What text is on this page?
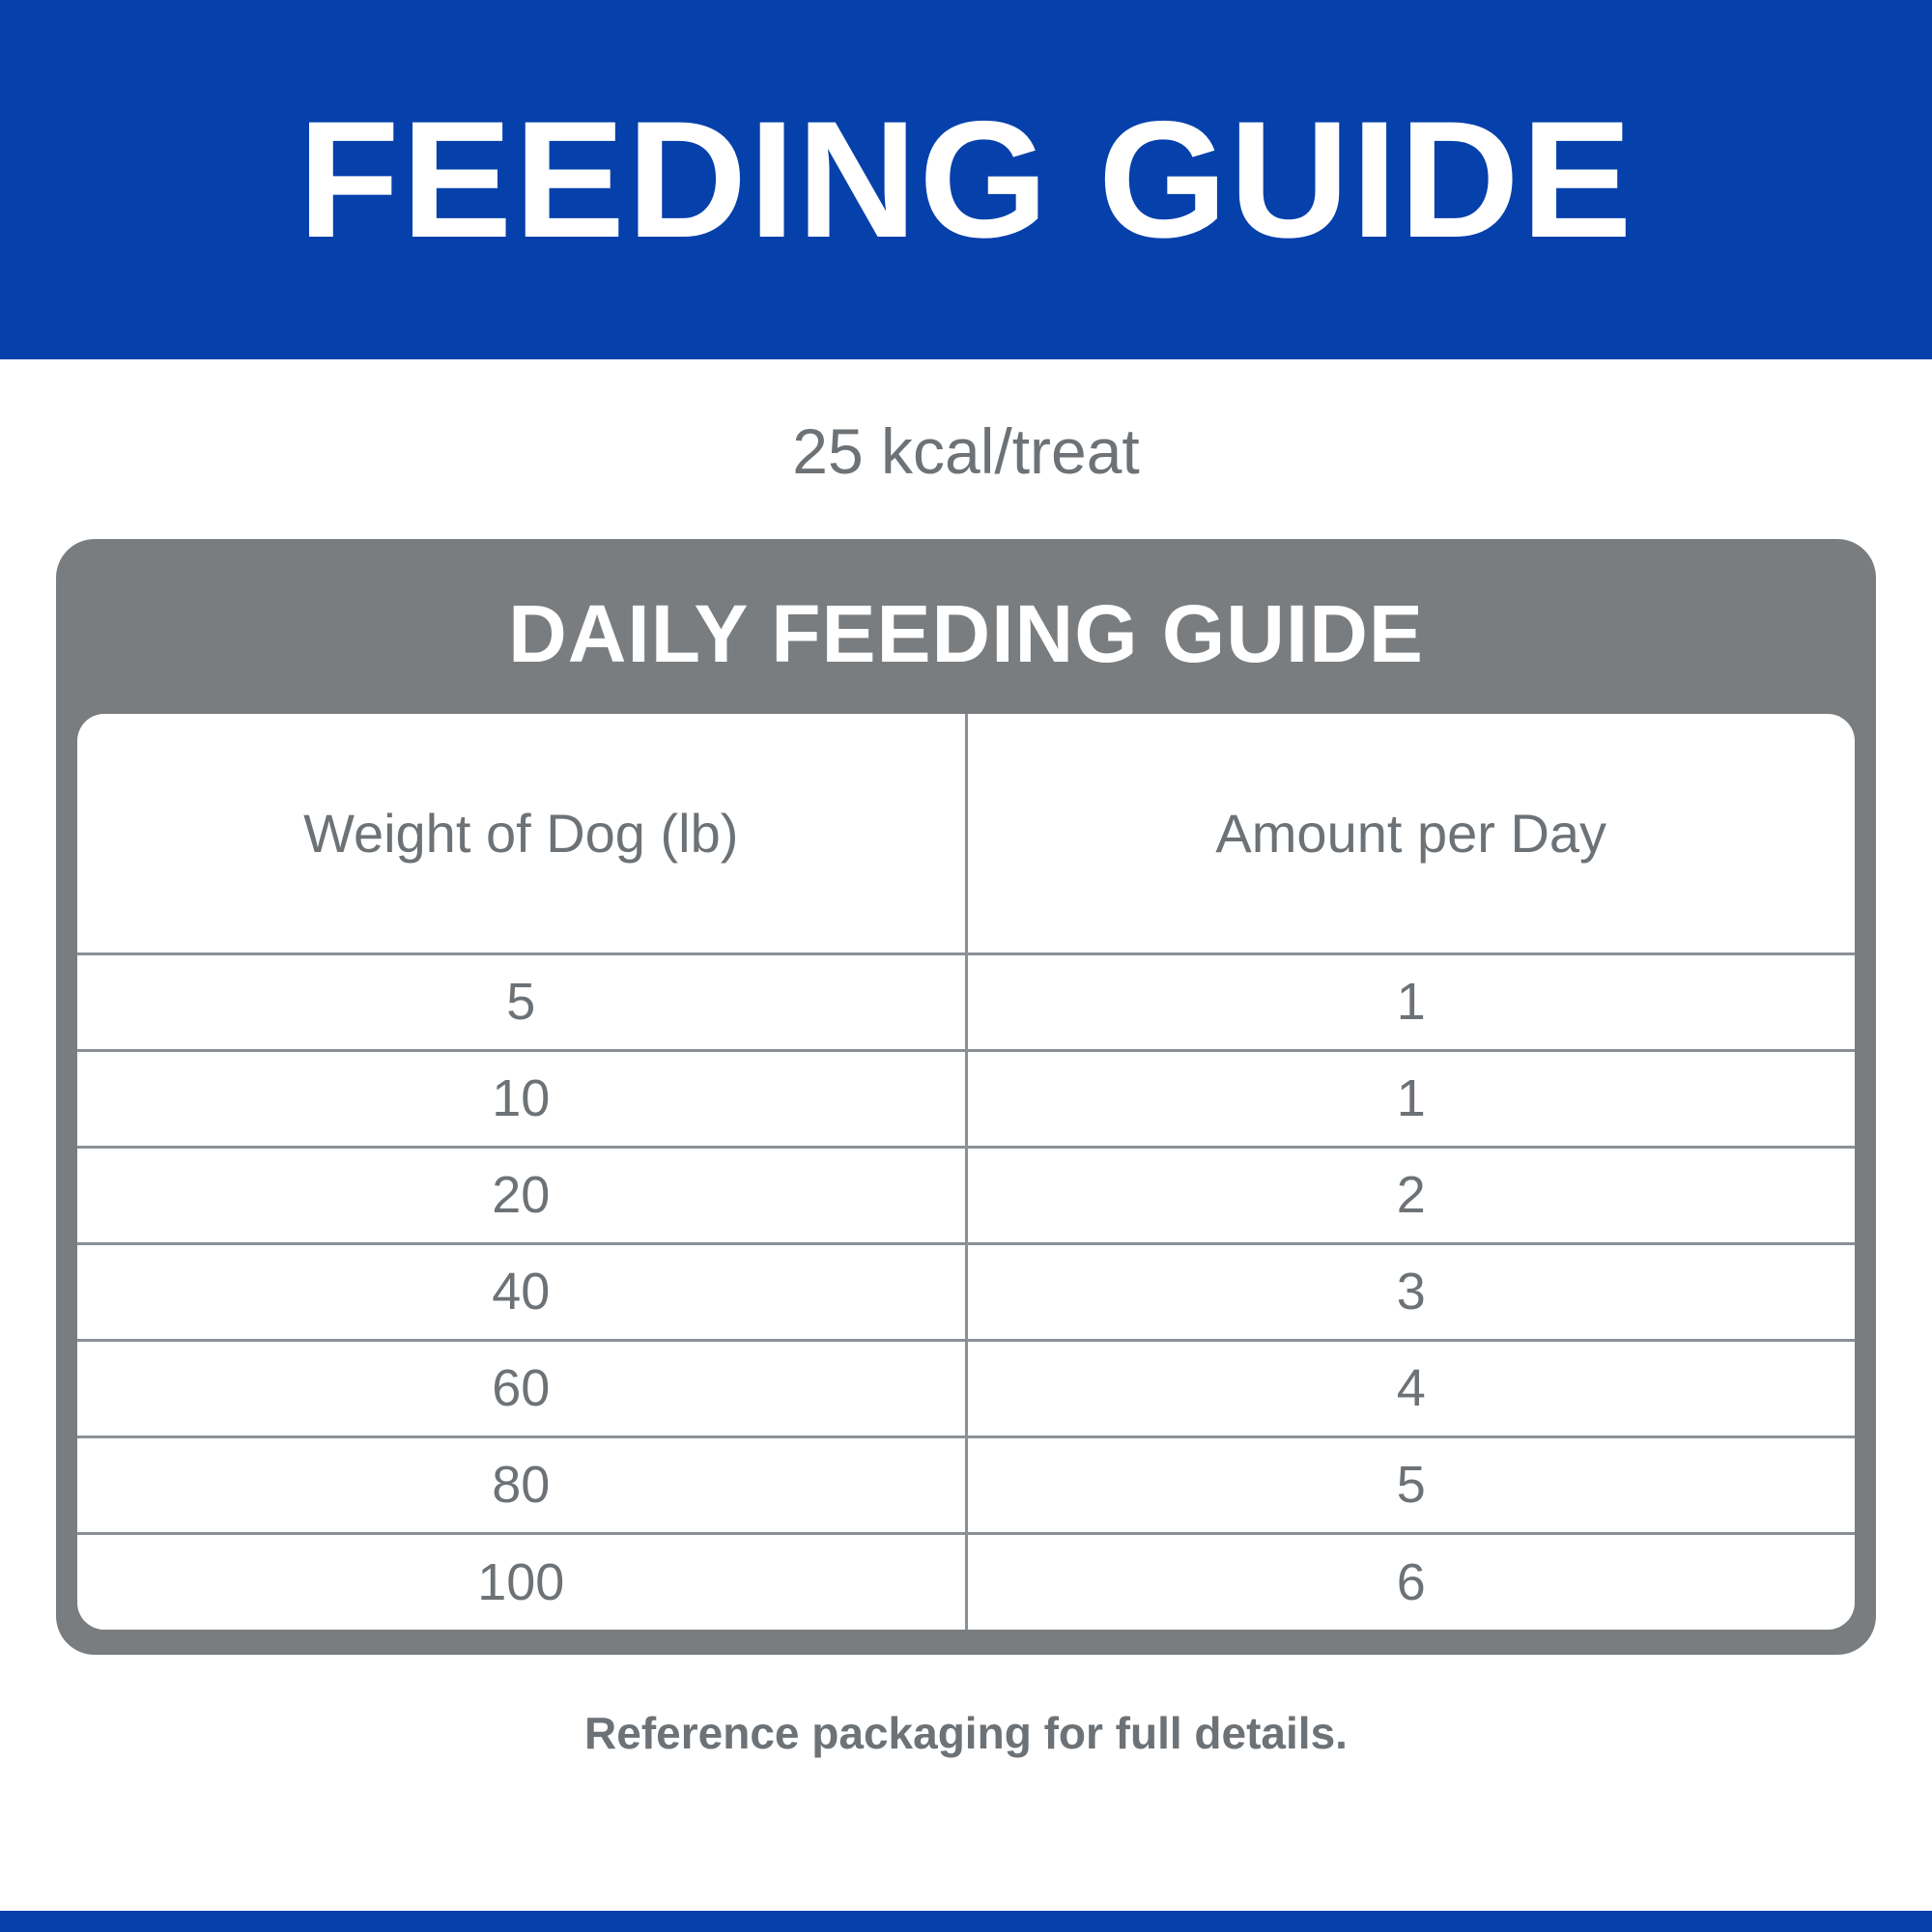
FEEDING GUIDE
25 kcal/treat
DAILY FEEDING GUIDE
Weight of Dog (lb)	Amount per Day
5	1
10	1
20	2
40	3
60	4
80	5
100	6
Reference packaging for full details.
